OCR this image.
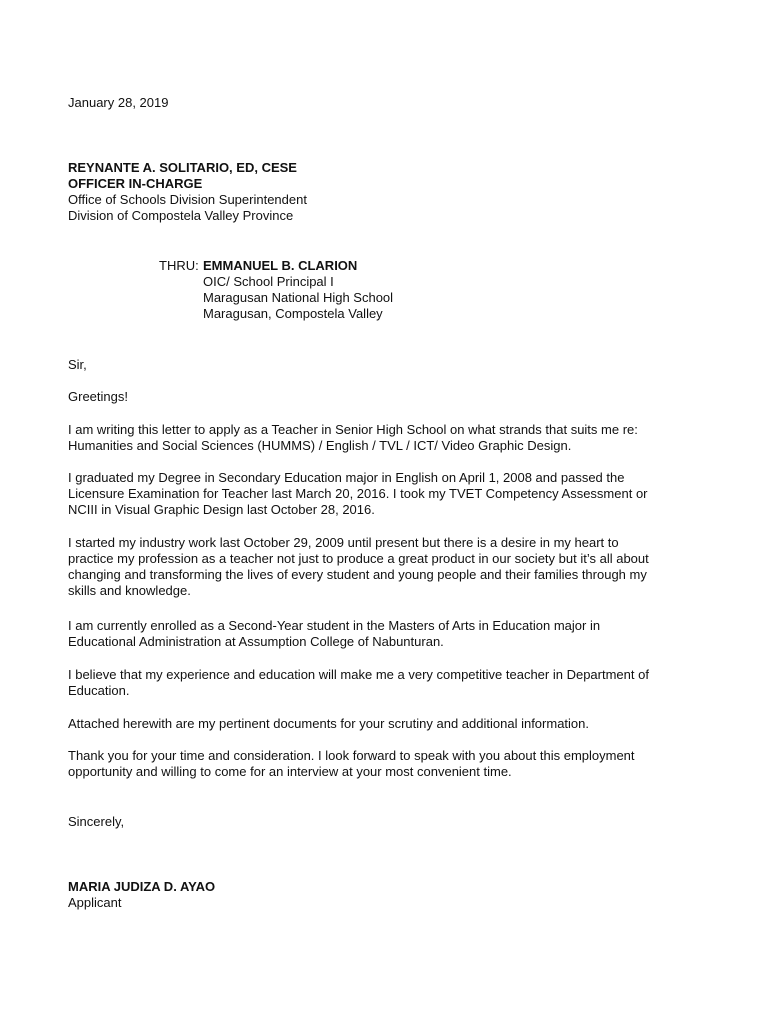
January 28, 2019
REYNANTE A. SOLITARIO, ED, CESE
OFFICER IN-CHARGE
Office of Schools Division Superintendent
Division of Compostela Valley Province
THRU: EMMANUEL B. CLARION
OIC/ School Principal I
Maragusan National High School
Maragusan, Compostela Valley
Sir,
Greetings!
I am writing this letter to apply as a Teacher in Senior High School on what strands that suits me re:
Humanities and Social Sciences (HUMMS) / English / TVL / ICT/ Video Graphic Design.
I graduated my Degree in Secondary Education major in English on April 1, 2008 and passed the
Licensure Examination for Teacher last March 20, 2016. I took my TVET Competency Assessment or
NCIII in Visual Graphic Design last October 28, 2016.
I started my industry work last October 29, 2009 until present but there is a desire in my heart to
practice my profession as a teacher not just to produce a great product in our society but it’s all about
changing and transforming the lives of every student and young people and their families through my
skills and knowledge.
I am currently enrolled as a Second-Year student in the Masters of Arts in Education major in
Educational Administration at Assumption College of Nabunturan.
I believe that my experience and education will make me a very competitive teacher in Department of
Education.
Attached herewith are my pertinent documents for your scrutiny and additional information.
Thank you for your time and consideration. I look forward to speak with you about this employment
opportunity and willing to come for an interview at your most convenient time.
Sincerely,
MARIA JUDIZA D. AYAO
Applicant
